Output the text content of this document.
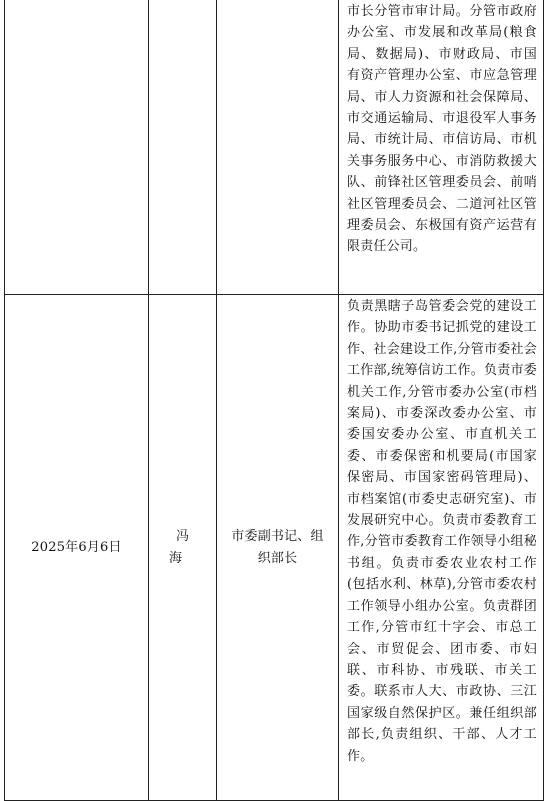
			市长分管市审计局。分管市政府办公室、市发展和改革局(粮食局、数据局)、市财政局、市国有资产管理办公室、市应急管理局、市人力资源和社会保障局、市交通运输局、市退役军人事务局、市统计局、市信访局、市机关事务服务中心、市消防救援大队、前锋社区管理委员会、前哨社区管理委员会、二道河社区管理委员会、东极国有资产运营有限责任公司。
2025年6月6日	冯海	市委副书记、组织部长	负责黑瞎子岛管委会党的建设工作。协助市委书记抓党的建设工作、社会建设工作,分管市委社会工作部,统筹信访工作。负责市委机关工作,分管市委办公室(市档案局)、市委深改委办公室、市委国安委办公室、市直机关工委、市委保密和机要局(市国家保密局、市国家密码管理局)、市档案馆(市委史志研究室)、市发展研究中心。负责市委教育工作,分管市委教育工作领导小组秘书组。负责市委农业农村工作(包括水利、林草),分管市委农村工作领导小组办公室。负责群团工作,分管市红十字会、市总工会、市贸促会、团市委、市妇联、市科协、市残联、市关工委。联系市人大、市政协、三江国家级自然保护区。兼任组织部部长,负责组织、干部、人才工作。
